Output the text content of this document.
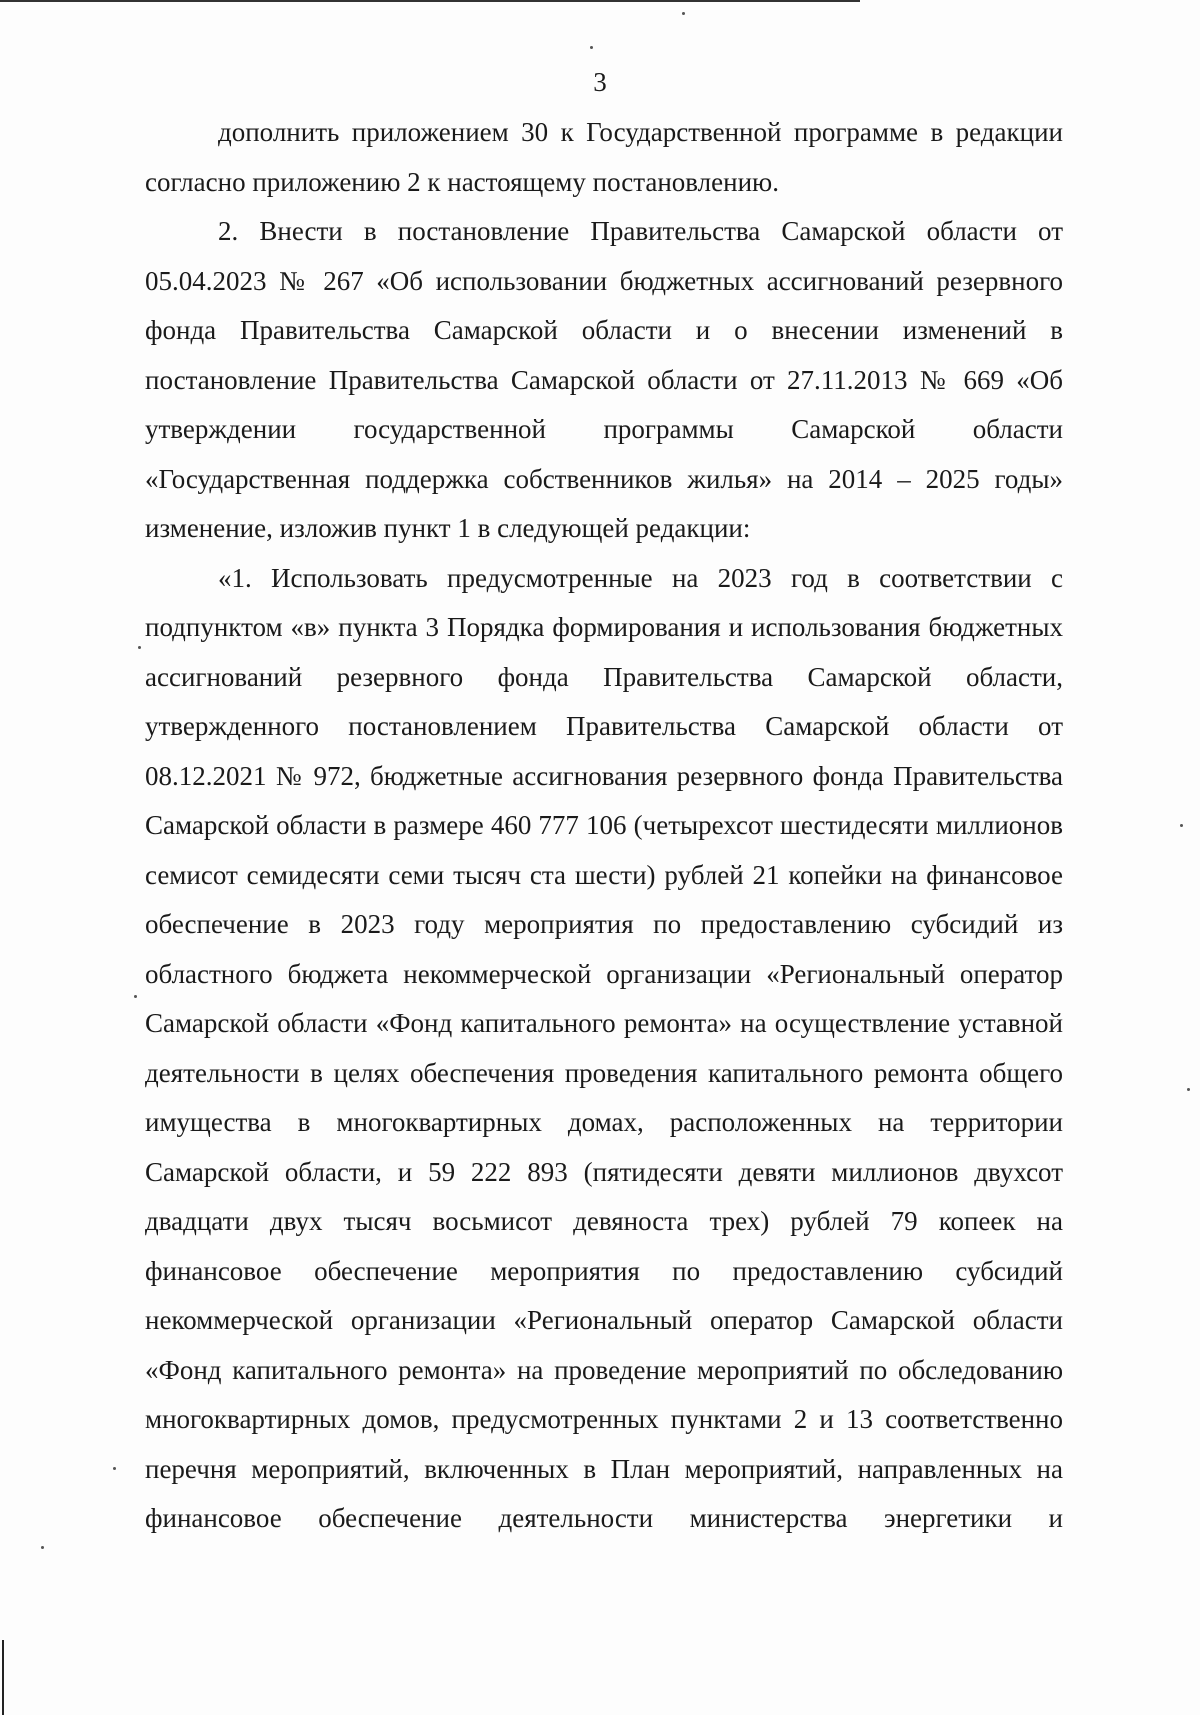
3

дополнить приложением 30 к Государственной программе в редакции согласно приложению 2 к настоящему постановлению.

2. Внести в постановление Правительства Самарской области от 05.04.2023 № 267 «Об использовании бюджетных ассигнований резервного фонда Правительства Самарской области и о внесении изменений в постановление Правительства Самарской области от 27.11.2013 № 669 «Об утверждении государственной программы Самарской области «Государственная поддержка собственников жилья» на 2014 – 2025 годы» изменение, изложив пункт 1 в следующей редакции:

«1. Использовать предусмотренные на 2023 год в соответствии с подпунктом «в» пункта 3 Порядка формирования и использования бюджетных ассигнований резервного фонда Правительства Самарской области, утвержденного постановлением Правительства Самарской области от 08.12.2021 № 972, бюджетные ассигнования резервного фонда Правительства Самарской области в размере 460 777 106 (четырехсот шестидесяти миллионов семисот семидесяти семи тысяч ста шести) рублей 21 копейки на финансовое обеспечение в 2023 году мероприятия по предоставлению субсидий из областного бюджета некоммерческой организации «Региональный оператор Самарской области «Фонд капитального ремонта» на осуществление уставной деятельности в целях обеспечения проведения капитального ремонта общего имущества в многоквартирных домах, расположенных на территории Самарской области, и 59 222 893 (пятидесяти девяти миллионов двухсот двадцати двух тысяч восьмисот девяноста трех) рублей 79 копеек на финансовое обеспечение мероприятия по предоставлению субсидий некоммерческой организации «Региональный оператор Самарской области «Фонд капитального ремонта» на проведение мероприятий по обследованию многоквартирных домов, предусмотренных пунктами 2 и 13 соответственно перечня мероприятий, включенных в План мероприятий, направленных на финансовое обеспечение деятельности министерства энергетики и
